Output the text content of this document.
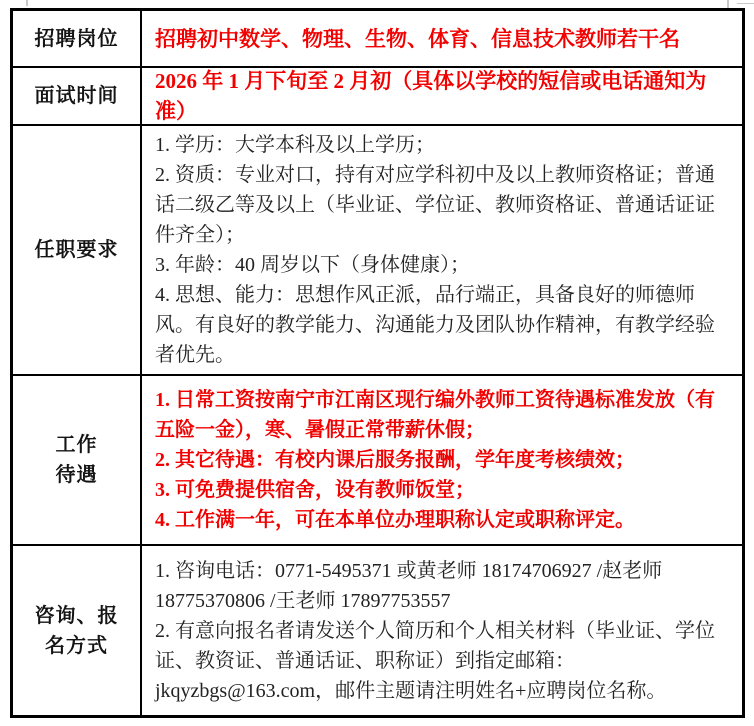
招聘岗位 招聘初中数学、物理、生物、体育、信息技术教师若干名

面试时间

2026 年 1 月下旬至 2 月初（具体以学校的短信或电话通知为准）

任职要求

1. 学历：大学本科及以上学历；

2. 资质：专业对口，持有对应学科初中及以上教师资格证；普通话二级乙等及以上（毕业证、学位证、教师资格证、普通话证证件齐全）；

3. 年龄：40 周岁以下（身体健康）；

4. 思想、能力：思想作风正派，品行端正，具备良好的师德师风。有良好的教学能力、沟通能力及团队协作精神，有教学经验者优先。

工作
待遇

1. 日常工资按南宁市江南区现行编外教师工资待遇标准发放（有五险一金），寒、暑假正常带薪休假；

2. 其它待遇：有校内课后服务报酬，学年度考核绩效；

3. 可免费提供宿舍，设有教师饭堂；

4. 工作满一年，可在本单位办理职称认定或职称评定。

咨询、报
名方式

1. 咨询电话：0771-5495371 或黄老师 18174706927 /赵老师 18775370806 /王老师 17897753557

2. 有意向报名者请发送个人简历和个人相关材料（毕业证、学位证、教资证、普通话证、职称证）到指定邮箱：jkqyzbgs@163.com，邮件主题请注明姓名+应聘岗位名称。
